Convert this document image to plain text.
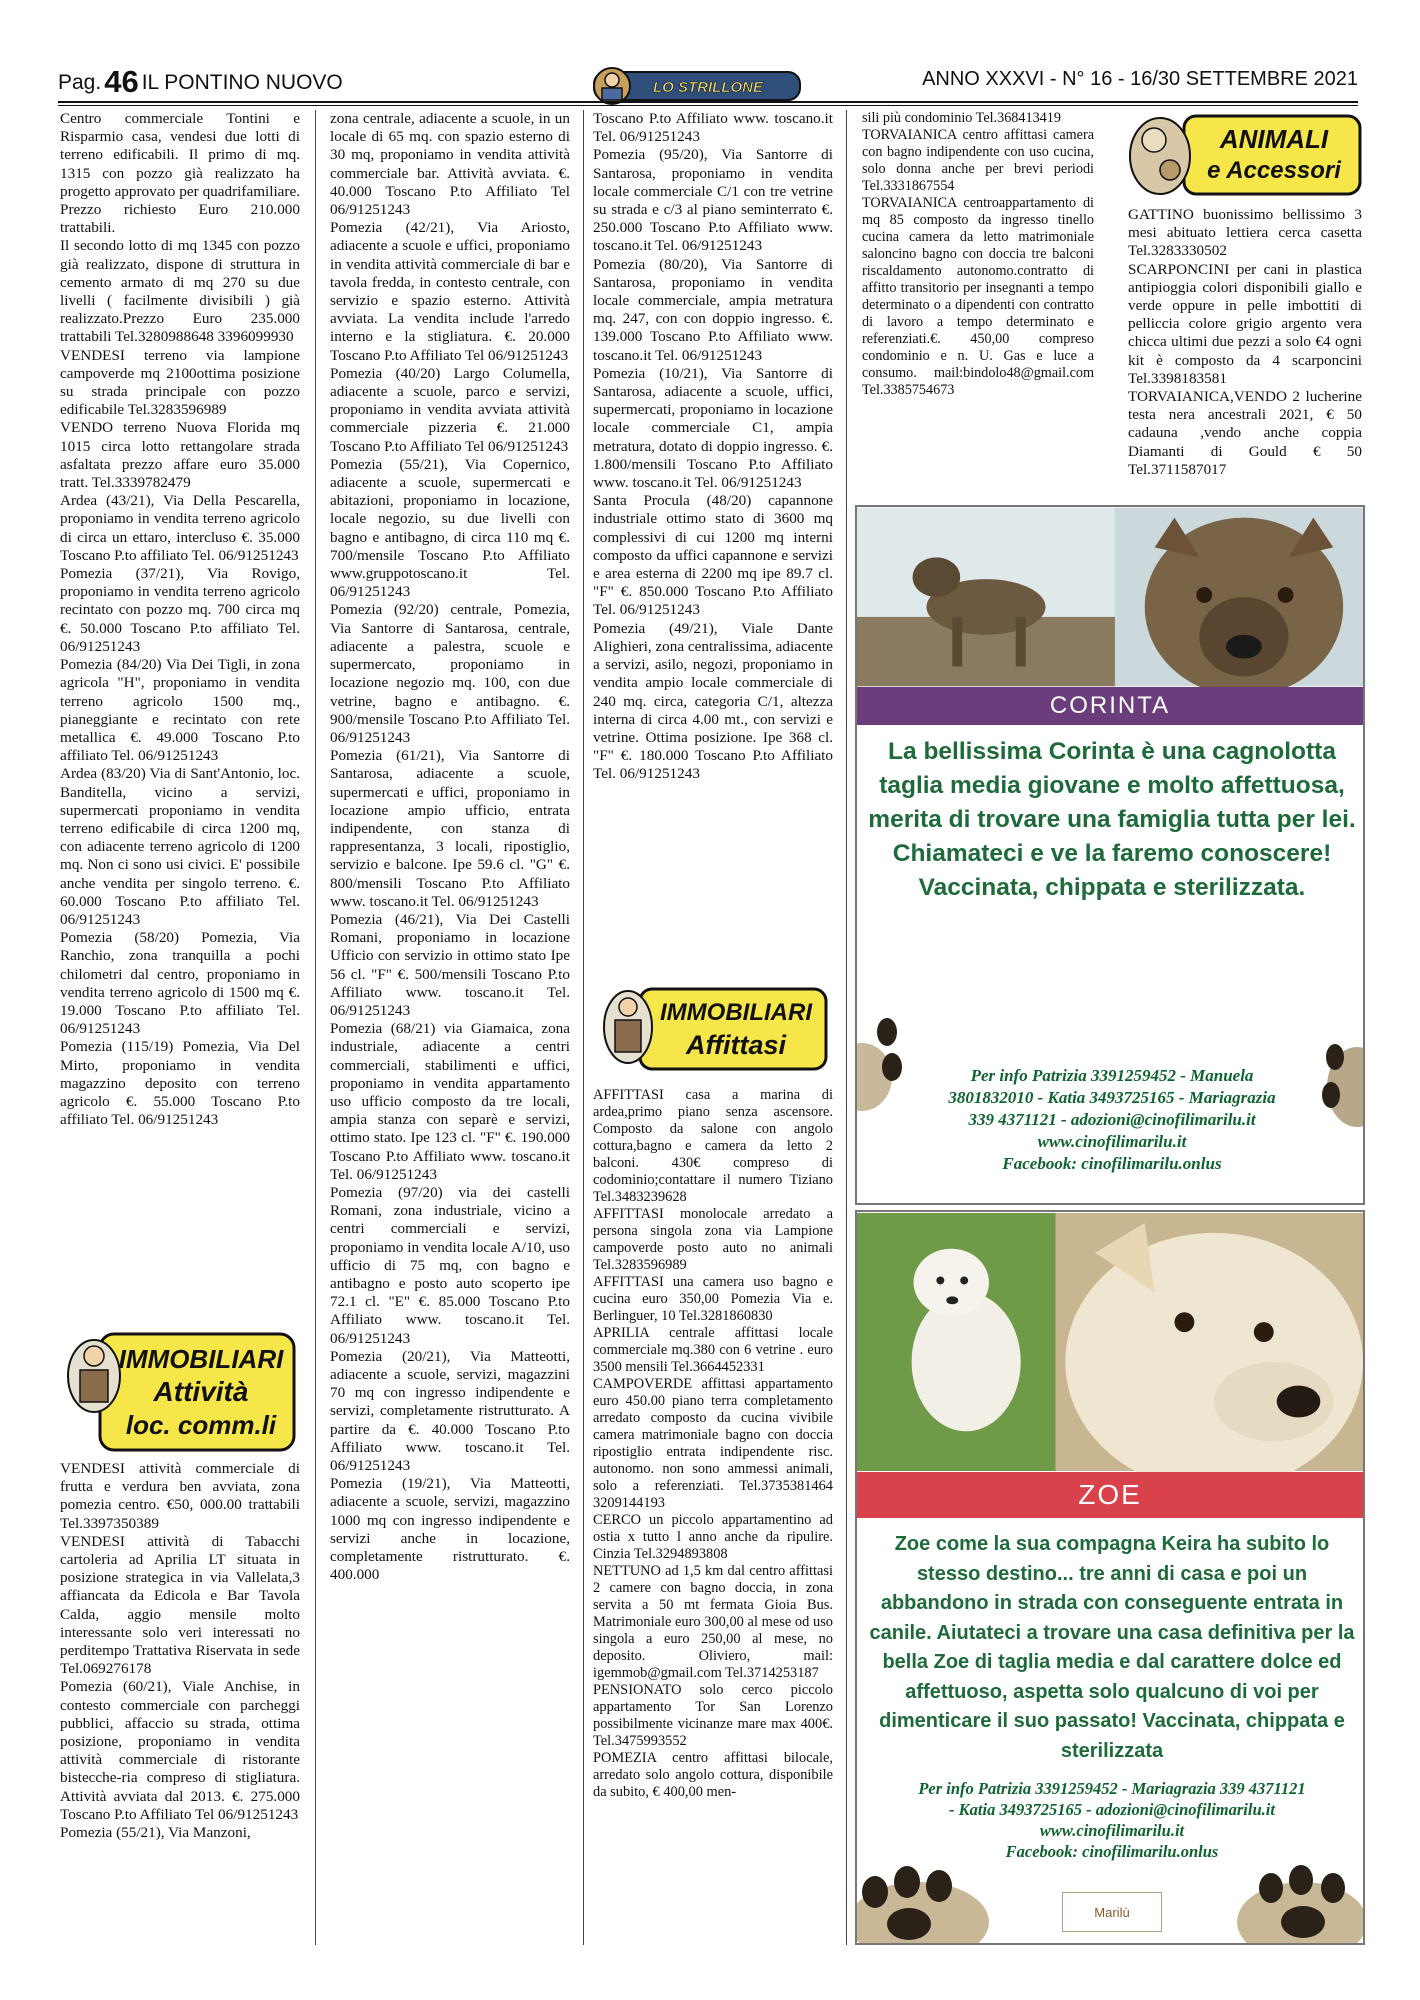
Pag.46 IL PONTINO NUOVO	ANNO XXXVI - N° 16 - 16/30 SETTEMBRE 2021
LO STRILLONE

Centro commerciale Tontini e Risparmio casa, vendesi due lotti di terreno edificabili. Il primo di mq. 1315 con pozzo già realizzato ha progetto approvato per quadrifamiliare. Prezzo richiesto Euro 210.000 trattabili.

Il secondo lotto di mq 1345 con pozzo già realizzato, dispone di struttura in cemento armato di mq 270 su due livelli ( facilmente divisibili ) già realizzato.Prezzo Euro 235.000 trattabili Tel.3280988648 3396099930

VENDESI terreno via lampione campoverde mq 2100ottima posizione su strada principale con pozzo edificabile Tel.3283596989

VENDO terreno Nuova Florida mq 1015 circa lotto rettangolare strada asfaltata prezzo affare euro 35.000 tratt. Tel.3339782479

Ardea (43/21), Via Della Pescarella, proponiamo in vendita terreno agricolo di circa un ettaro, intercluso €. 35.000 Toscano P.to affiliato Tel. 06/91251243

Pomezia (37/21), Via Rovigo, proponiamo in vendita terreno agricolo recintato con pozzo mq. 700 circa mq €. 50.000 Toscano P.to affiliato Tel. 06/91251243

Pomezia (84/20) Via Dei Tigli, in zona agricola "H", proponiamo in vendita terreno agricolo 1500 mq., pianeggiante e recintato con rete metallica €. 49.000 Toscano P.to affiliato Tel. 06/91251243

Ardea (83/20) Via di Sant'Antonio, loc. Banditella, vicino a servizi, supermercati proponiamo in vendita terreno edificabile di circa 1200 mq, con adiacente terreno agricolo di 1200 mq. Non ci sono usi civici. E' possibile anche vendita per singolo terreno. €. 60.000 Toscano P.to affiliato Tel. 06/91251243

Pomezia (58/20) Pomezia, Via Ranchio, zona tranquilla a pochi chilometri dal centro, proponiamo in vendita terreno agricolo di 1500 mq €. 19.000 Toscano P.to affiliato Tel. 06/91251243

Pomezia (115/19) Pomezia, Via Del Mirto, proponiamo in vendita magazzino deposito con terreno agricolo €. 55.000 Toscano P.to affiliato Tel. 06/91251243

IMMOBILIARI
Attività
loc. comm.li

VENDESI attività commerciale di frutta e verdura ben avviata, zona pomezia centro. €50, 000.00 trattabili Tel.3397350389

VENDESI attività di Tabacchi cartoleria ad Aprilia LT situata in posizione strategica in via Vallelata,3 affiancata da Edicola e Bar Tavola Calda, aggio mensile molto interessante solo veri interessati no perditempo Trattativa Riservata in sede Tel.069276178

Pomezia (60/21), Viale Anchise, in contesto commerciale con parcheggi pubblici, affaccio su strada, ottima posizione, proponiamo in vendita attività commerciale di ristorante bistecche-ria compreso di stigliatura. Attività avviata dal 2013. €. 275.000 Toscano P.to Affiliato Tel 06/91251243

Pomezia (55/21), Via Manzoni,

zona centrale, adiacente a scuole, in un locale di 65 mq. con spazio esterno di 30 mq, proponiamo in vendita attività commerciale bar. Attività avviata. €. 40.000 Toscano P.to Affiliato Tel 06/91251243

Pomezia (42/21), Via Ariosto, adiacente a scuole e uffici, proponiamo in vendita attività commerciale di bar e tavola fredda, in contesto centrale, con servizio e spazio esterno. Attività avviata. La vendita include l'arredo interno e la stigliatura. €. 20.000 Toscano P.to Affiliato Tel 06/91251243

Pomezia (40/20) Largo Columella, adiacente a scuole, parco e servizi, proponiamo in vendita avviata attività commerciale pizzeria €. 21.000 Toscano P.to Affiliato Tel 06/91251243

Pomezia (55/21), Via Copernico, adiacente a scuole, supermercati e abitazioni, proponiamo in locazione, locale negozio, su due livelli con bagno e antibagno, di circa 110 mq €. 700/mensile Toscano P.to Affiliato www.gruppotoscano.it Tel. 06/91251243

Pomezia (92/20) centrale, Pomezia, Via Santorre di Santarosa, centrale, adiacente a palestra, scuole e supermercato, proponiamo in locazione negozio mq. 100, con due vetrine, bagno e antibagno. €. 900/mensile Toscano P.to Affiliato Tel. 06/91251243

Pomezia (61/21), Via Santorre di Santarosa, adiacente a scuole, supermercati e uffici, proponiamo in locazione ampio ufficio, entrata indipendente, con stanza di rappresentanza, 3 locali, ripostiglio, servizio e balcone. Ipe 59.6 cl. "G" €. 800/mensili Toscano P.to Affiliato www. toscano.it Tel. 06/91251243

Pomezia (46/21), Via Dei Castelli Romani, proponiamo in locazione Ufficio con servizio in ottimo stato Ipe 56 cl. "F" €. 500/mensili Toscano P.to Affiliato www. toscano.it Tel. 06/91251243

Pomezia (68/21) via Giamaica, zona industriale, adiacente a centri commerciali, stabilimenti e uffici, proponiamo in vendita appartamento uso ufficio composto da tre locali, ampia stanza con separè e servizi, ottimo stato. Ipe 123 cl. "F" €. 190.000 Toscano P.to Affiliato www. toscano.it Tel. 06/91251243

Pomezia (97/20) via dei castelli Romani, zona industriale, vicino a centri commerciali e servizi, proponiamo in vendita locale A/10, uso ufficio di 75 mq, con bagno e antibagno e posto auto scoperto ipe 72.1 cl. "E" €. 85.000 Toscano P.to Affiliato www. toscano.it Tel. 06/91251243

Pomezia (20/21), Via Matteotti, adiacente a scuole, servizi, magazzini 70 mq con ingresso indipendente e servizi, completamente ristrutturato. A partire da €. 40.000 Toscano P.to Affiliato www. toscano.it Tel. 06/91251243

Pomezia (19/21), Via Matteotti, adiacente a scuole, servizi, magazzino 1000 mq con ingresso indipendente e servizi anche in locazione, completamente ristrutturato. €. 400.000

Toscano P.to Affiliato www. toscano.it Tel. 06/91251243

Pomezia (95/20), Via Santorre di Santarosa, proponiamo in vendita locale commerciale C/1 con tre vetrine su strada e c/3 al piano seminterrato €. 250.000 Toscano P.to Affiliato www. toscano.it Tel. 06/91251243

Pomezia (80/20), Via Santorre di Santarosa, proponiamo in vendita locale commerciale, ampia metratura mq. 247, con con doppio ingresso. €. 139.000 Toscano P.to Affiliato www. toscano.it Tel. 06/91251243

Pomezia (10/21), Via Santorre di Santarosa, adiacente a scuole, uffici, supermercati, proponiamo in locazione locale commerciale C1, ampia metratura, dotato di doppio ingresso. €. 1.800/mensili Toscano P.to Affiliato www. toscano.it Tel. 06/91251243

Santa Procula (48/20) capannone industriale ottimo stato di 3600 mq complessivi di cui 1200 mq interni composto da uffici capannone e servizi e area esterna di 2200 mq ipe 89.7 cl. "F" €. 850.000 Toscano P.to Affiliato Tel. 06/91251243

Pomezia (49/21), Viale Dante Alighieri, zona centralissima, adiacente a servizi, asilo, negozi, proponiamo in vendita ampio locale commerciale di 240 mq. circa, categoria C/1, altezza interna di circa 4.00 mt., con servizi e vetrine. Ottima posizione. Ipe 368 cl. "F" €. 180.000 Toscano P.to Affiliato Tel. 06/91251243

IMMOBILIARI
Affittasi

AFFITTASI casa a marina di ardea,primo piano senza ascensore. Composto da salone con angolo cottura,bagno e camera da letto 2 balconi. 430€ compreso di codominio;contattare il numero Tiziano Tel.3483239628

AFFITTASI monolocale arredato a persona singola zona via Lampione campoverde posto auto no animali Tel.3283596989

AFFITTASI una camera uso bagno e cucina euro 350,00 Pomezia Via e. Berlinguer, 10 Tel.3281860830

APRILIA centrale affittasi locale commerciale mq.380 con 6 vetrine . euro 3500 mensili Tel.3664452331

CAMPOVERDE affittasi appartamento euro 450.00 piano terra completamento arredato composto da cucina vivibile camera matrimoniale bagno con doccia ripostiglio entrata indipendente risc. autonomo. non sono ammessi animali, solo a referenziati. Tel.3735381464 3209144193

CERCO un piccolo appartamentino ad ostia x tutto l anno anche da ripulire. Cinzia Tel.3294893808

NETTUNO ad 1,5 km dal centro affittasi 2 camere con bagno doccia, in zona servita a 50 mt fermata Gioia Bus. Matrimoniale euro 300,00 al mese od uso singola a euro 250,00 al mese, no deposito. Oliviero, mail: igemmob@gmail.com Tel.3714253187

PENSIONATO solo cerco piccolo appartamento Tor San Lorenzo possibilmente vicinanze mare max 400€. Tel.3475993552

POMEZIA centro affittasi bilocale, arredato solo angolo cottura, disponibile da subito, € 400,00 men-

sili più condominio Tel.368413419

TORVAIANICA centro affittasi camera con bagno indipendente con uso cucina, solo donna anche per brevi periodi Tel.3331867554

TORVAIANICA centroappartamento di mq 85 composto da ingresso tinello cucina camera da letto matrimoniale saloncino bagno con doccia tre balconi riscaldamento autonomo.contratto di affitto transitorio per insegnanti a tempo determinato o a dipendenti con contratto di lavoro a tempo determinato e referenziati.€. 450,00 compreso condominio e n. U. Gas e luce a consumo. mail:bindolo48@gmail.com Tel.3385754673

ANIMALI
e Accessori

GATTINO buonissimo bellissimo 3 mesi abituato lettiera cerca casetta Tel.3283330502

SCARPONCINI per cani in plastica antipioggia colori disponibili giallo e verde oppure in pelle imbottiti di pelliccia colore grigio argento vera chicca ultimi due pezzi a solo €4 ogni kit è composto da 4 scarponcini Tel.3398183581

TORVAIANICA,VENDO 2 lucherine testa nera ancestrali 2021, € 50 cadauna ,vendo anche coppia Diamanti di Gould € 50 Tel.3711587017

CORINTA
La bellissima Corinta è una cagnolotta taglia media giovane e molto affettuosa, merita di trovare una famiglia tutta per lei. Chiamateci e ve la faremo conoscere! Vaccinata, chippata e sterilizzata.
Per info Patrizia 3391259452 - Manuela
3801832010 - Katia 3493725165 - Mariagrazia
339 4371121 - adozioni@cinofilimarilu.it
www.cinofilimarilu.it
Facebook: cinofilimarilu.onlus
ZOE
Zoe come la sua compagna Keira ha subito lo stesso destino... tre anni di casa e poi un abbandono in strada con conseguente entrata in canile. Aiutateci a trovare una casa definitiva per la bella Zoe di taglia media e dal carattere dolce ed affettuoso, aspetta solo qualcuno di voi per dimenticare il suo passato! Vaccinata, chippata e sterilizzata
Per info Patrizia 3391259452 - Mariagrazia 339 4371121
- Katia 3493725165 - adozioni@cinofilimarilu.it
www.cinofilimarilu.it
Facebook: cinofilimarilu.onlus
Marilù
